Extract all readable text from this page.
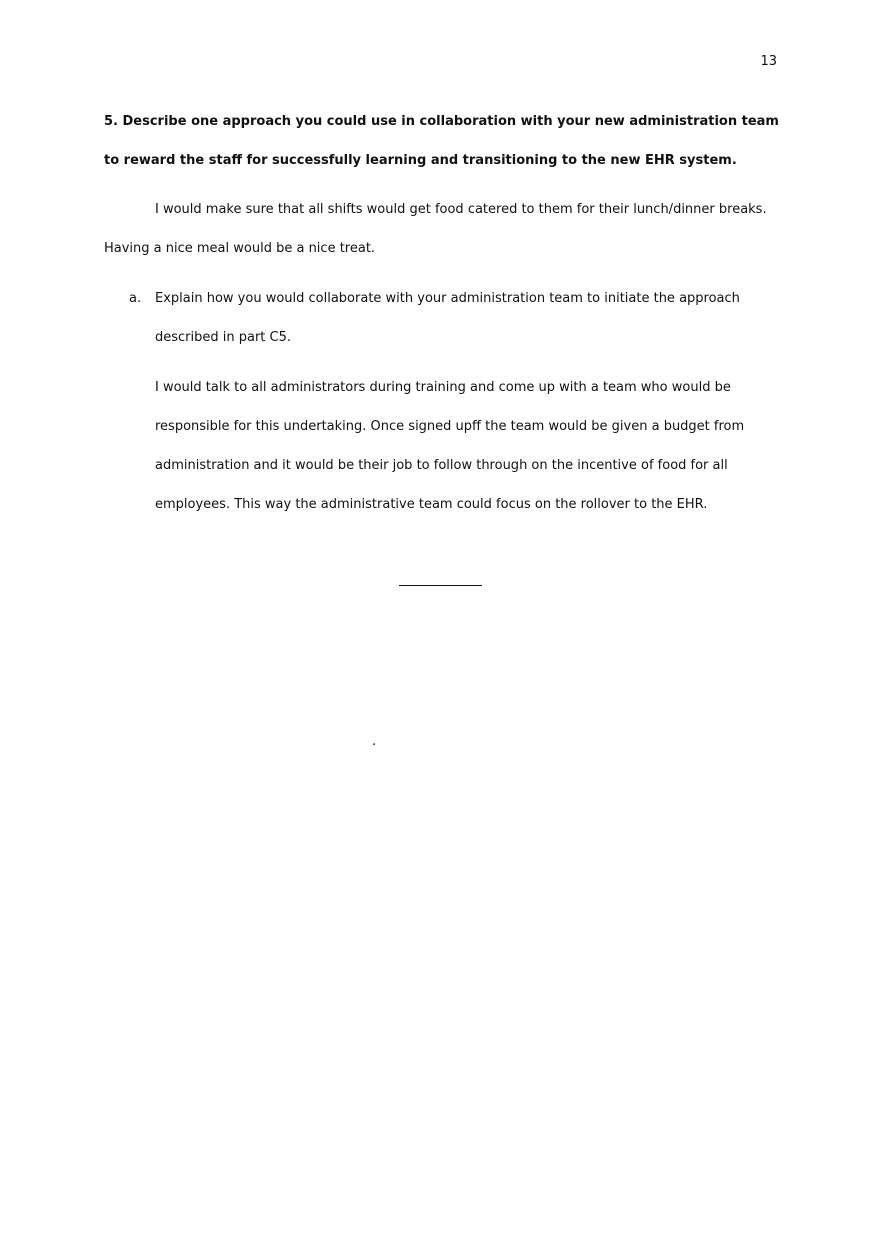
13
5. Describe one approach you could use in collaboration with your new administration team to reward the staff for successfully learning and transitioning to the new EHR system.
I would make sure that all shifts would get food catered to them for their lunch/dinner breaks. Having a nice meal would be a nice treat.
a. Explain how you would collaborate with your administration team to initiate the approach described in part C5.
I would talk to all administrators during training and come up with a team who would be responsible for this undertaking. Once signed upff the team would be given a budget from administration and it would be their job to follow through on the incentive of food for all employees. This way the administrative team could focus on the rollover to the EHR.
.
